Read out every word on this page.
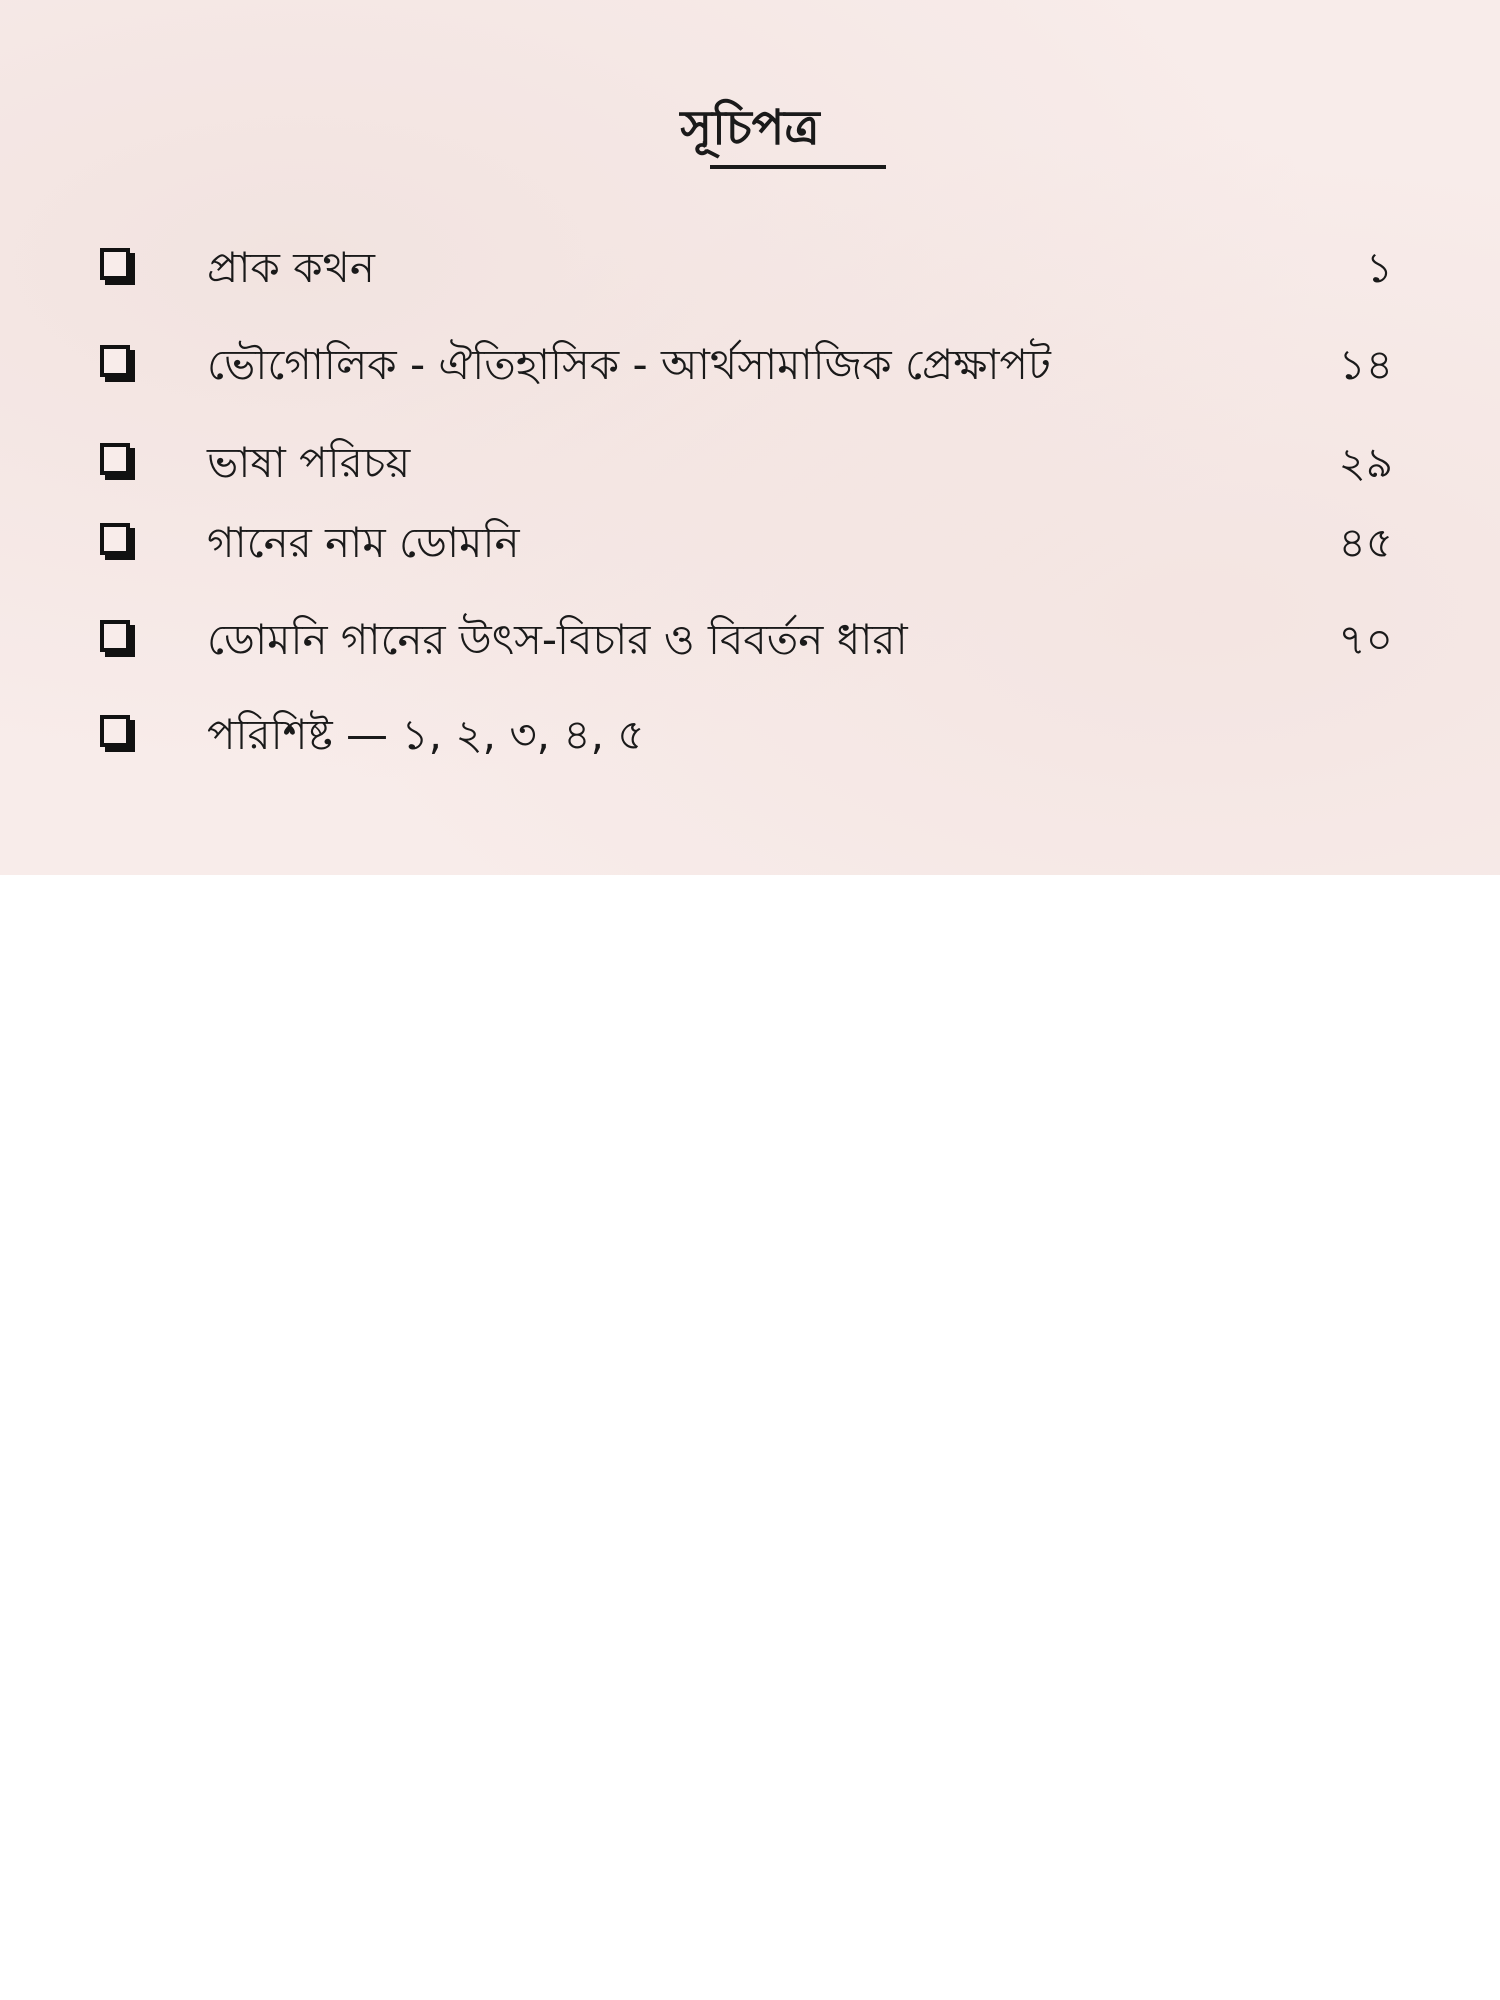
সূচিপত্র
প্রাক কথন	১
ভৌগোলিক - ঐতিহাসিক - আর্থসামাজিক প্রেক্ষাপট	১৪
ভাষা পরিচয়	২৯
গানের নাম ডোমনি	৪৫
ডোমনি গানের উৎস-বিচার ও বিবর্তন ধারা	৭০
পরিশিষ্ট — ১, ২, ৩, ৪, ৫
